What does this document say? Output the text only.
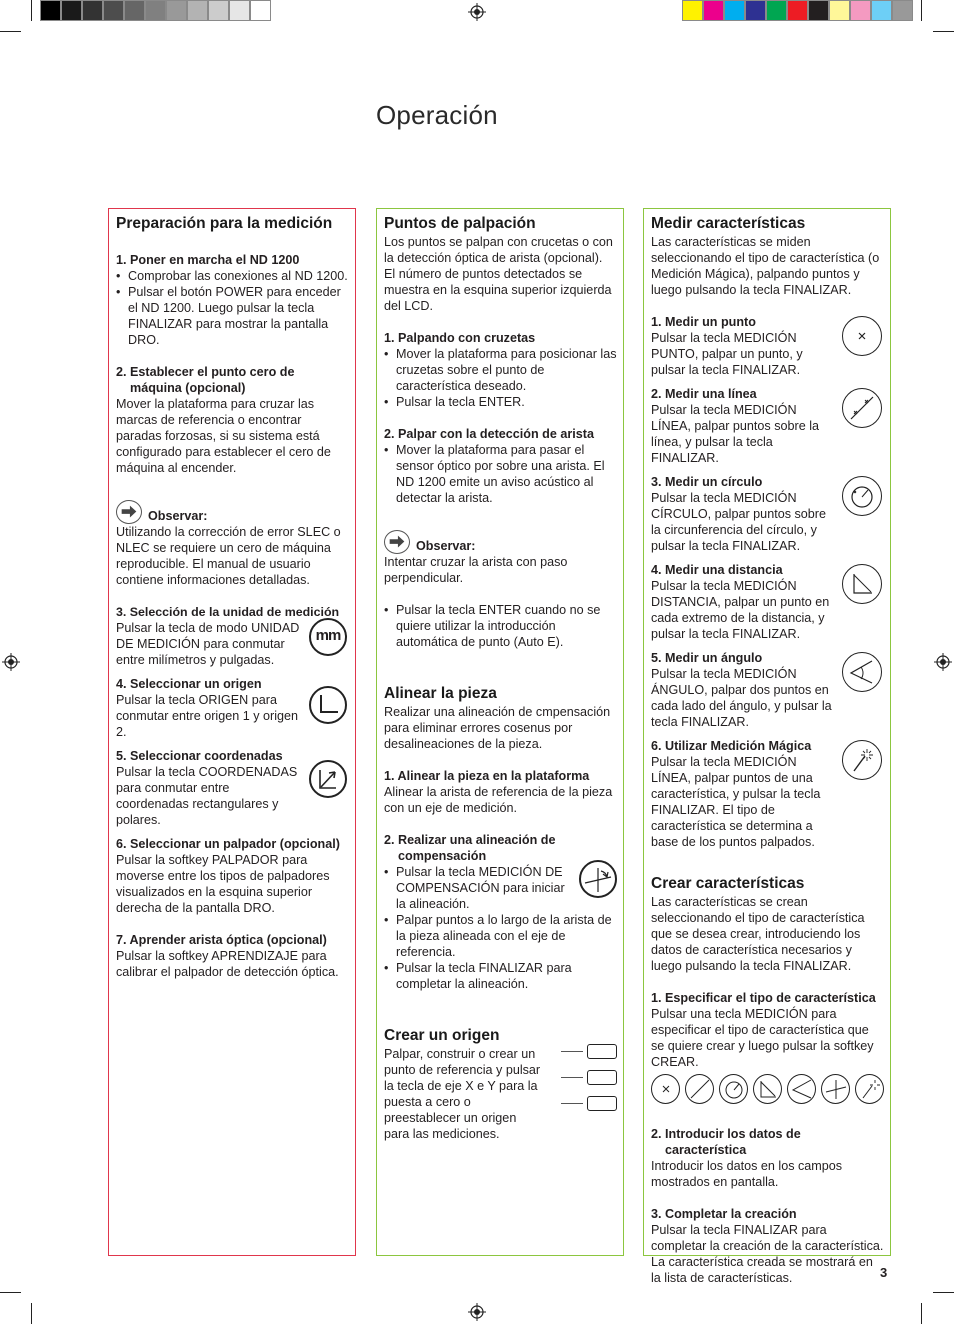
Operación
Preparación para la medición

1. Poner en marcha el ND 1200

• Comprobar las conexiones al ND 1200.
• Pulsar el botón POWER para enceder el ND 1200. Luego pulsar la tecla FINALIZAR para mostrar la pantalla DRO.

2. Establecer el punto cero de máquina (opcional)

Mover la plataforma para cruzar las marcas de referencia o encontrar paradas forzosas, si su sistema está configurado para establecer el cero de máquina al encender.

Observar:

Utilizando la corrección de error SLEC o NLEC se requiere un cero de máquina reproducible. El manual de usuario contiene informaciones detalladas.

3. Selección de la unidad de medición

Pulsar la tecla de modo UNIDAD DE MEDICIÓN para conmutar entre milímetros y pulgadas.

mm

4. Seleccionar un origen

Pulsar la tecla ORIGEN para conmutar entre origen 1 y origen 2.

5. Seleccionar coordenadas

Pulsar la tecla COORDENADAS para conmutar entre coordenadas rectangulares y polares.

6. Seleccionar un palpador (opcional)

Pulsar la softkey PALPADOR para moverse entre los tipos de palpadores visualizados en la esquina superior derecha de la pantalla DRO.

7. Aprender arista óptica (opcional)

Pulsar la softkey APRENDIZAJE para calibrar el palpador de detección óptica.

Puntos de palpación

Los puntos se palpan con crucetas o con la detección óptica de arista (opcional). El número de puntos detectados se muestra en la esquina superior izquierda del LCD.

1. Palpando con cruzetas

• Mover la plataforma para posicionar las cruzetas sobre el punto de característica deseado.
• Pulsar la tecla ENTER.

2. Palpar con la detección de arista

• Mover la plataforma para pasar el sensor óptico por sobre una arista. El ND 1200 emite un aviso acústico al detectar la arista.
Observar:

Intentar cruzar la arista con paso perpendicular.

• Pulsar la tecla ENTER cuando no se quiere utilizar la introducción automática de punto (Auto E).
Alinear la pieza

Realizar una alineación de cmpensación para eliminar errores cosenus por desalineaciones de la pieza.

1. Alinear la pieza en la plataforma

Alinear la arista de referencia de la pieza con un eje de medición.

2. Realizar una alineación de compensación

• Pulsar la tecla MEDICIÓN DE COMPENSACIÓN para iniciar la alineación.
• Palpar puntos a lo largo de la arista de la pieza alineada con el eje de referencia.
• Pulsar la tecla FINALIZAR para completar la alineación.
Crear un origen

Palpar, construir o crear un punto de referencia y pulsar la tecla de eje X e Y para la puesta a cero o preestablecer un origen para las mediciones.

Medir características

Las características se miden seleccionando el tipo de característica (o Medición Mágica), palpando puntos y luego pulsando la tecla FINALIZAR.

1. Medir un punto

Pulsar la tecla MEDICIÓN PUNTO, palpar un punto, y pulsar la tecla FINALIZAR.

2. Medir una línea

Pulsar la tecla MEDICIÓN LÍNEA, palpar puntos sobre la línea, y pulsar la tecla FINALIZAR.

3. Medir un círculo

Pulsar la tecla MEDICIÓN CÍRCULO, palpar puntos sobre la circunferencia del círculo, y pulsar la tecla FINALIZAR.

4. Medir una distancia

Pulsar la tecla MEDICIÓN DISTANCIA, palpar un punto en cada extremo de la distancia, y pulsar la tecla FINALIZAR.

5. Medir un ángulo

Pulsar la tecla MEDICIÓN ÁNGULO, palpar dos puntos en cada lado del ángulo, y pulsar la tecla FINALIZAR.

6. Utilizar Medición Mágica

Pulsar la tecla MEDICIÓN LÍNEA, palpar puntos de una característica, y pulsar la tecla FINALIZAR. El tipo de característica se determina a base de los puntos palpados.

Crear características

Las características se crean seleccionando el tipo de característica que se desea crear, introduciendo los datos de característica necesarios y luego pulsando la tecla FINALIZAR.

1. Especificar el tipo de característica

Pulsar una tecla MEDICIÓN para especificar el tipo de característica que se quiere crear y luego pulsar la softkey CREAR.

2. Introducir los datos de característica

Introducir los datos en los campos mostrados en pantalla.

3. Completar la creación

Pulsar la tecla FINALIZAR para completar la creación de la característica. La característica creada se mostrará en la lista de características.	3
